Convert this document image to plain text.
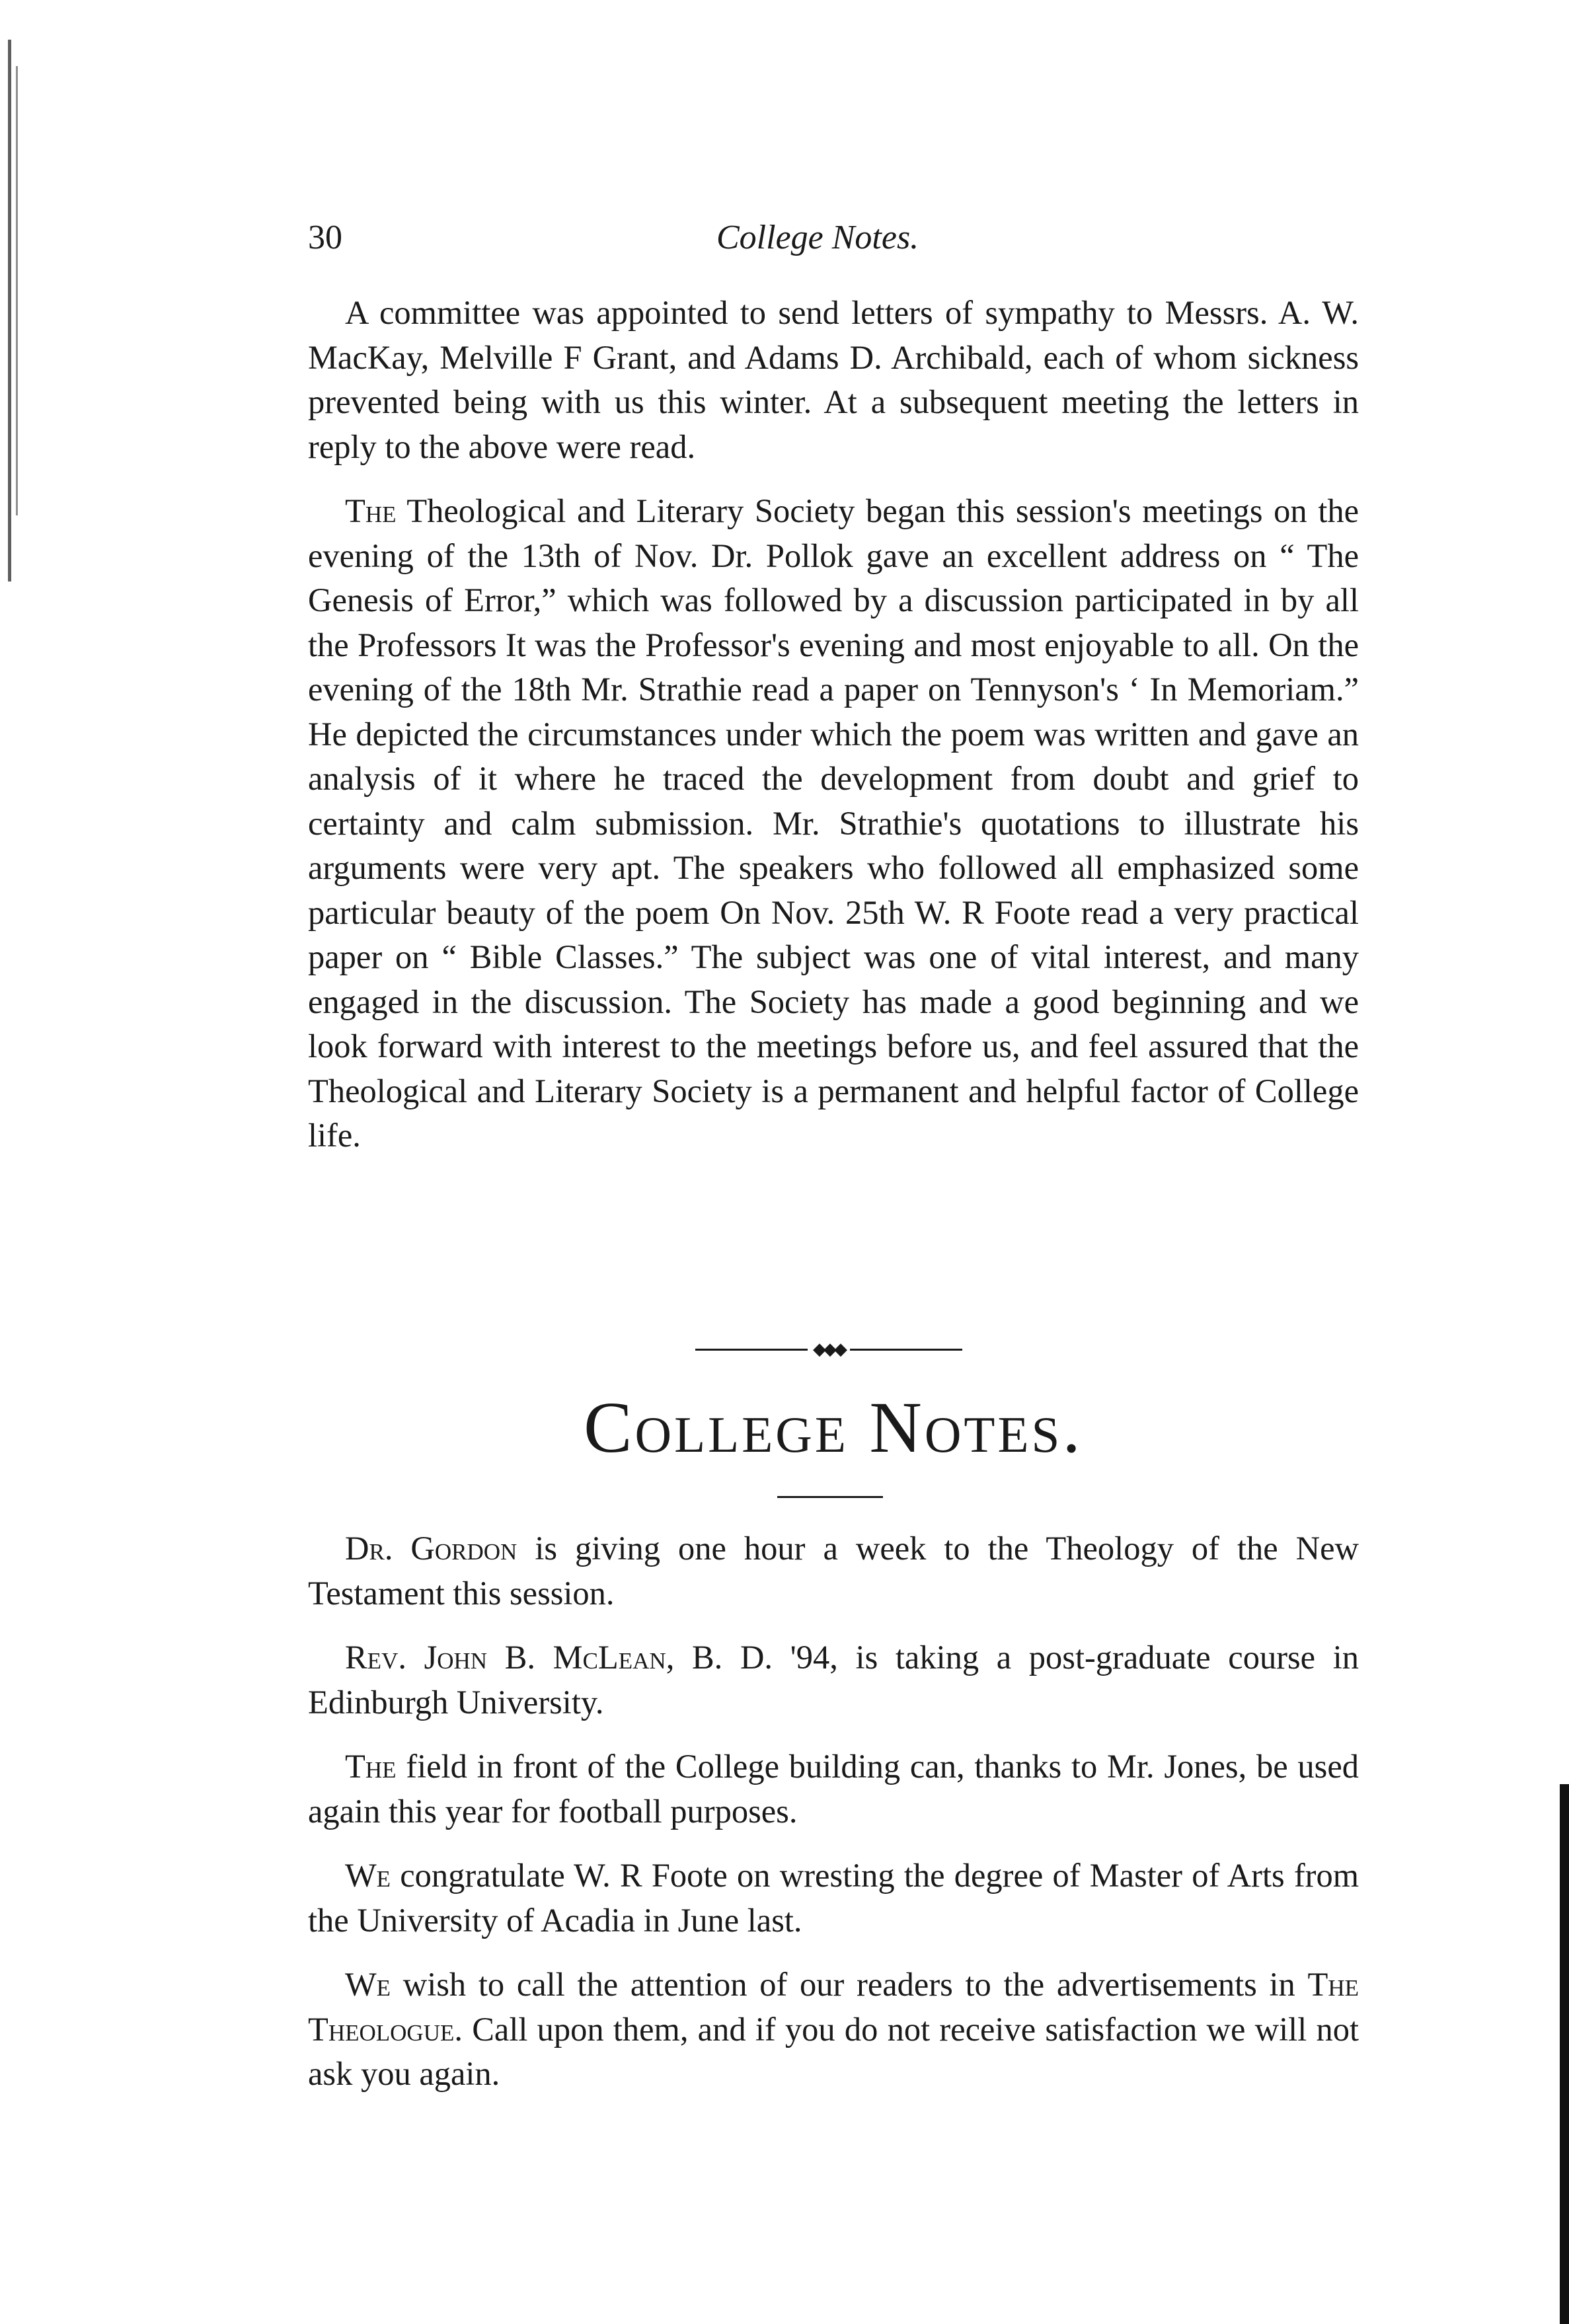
30	College Notes.

A committee was appointed to send letters of sympathy to Messrs. A. W. MacKay, Melville F Grant, and Adams D. Archibald, each of whom sickness prevented being with us this winter. At a subsequent meeting the letters in reply to the above were read.

The Theological and Literary Society began this session's meetings on the evening of the 13th of Nov. Dr. Pollok gave an excellent address on “ The Genesis of Error,” which was followed by a discussion participated in by all the Professors It was the Professor's evening and most enjoyable to all. On the evening of the 18th Mr. Strathie read a paper on Tennyson's ‘ In Memoriam.” He depicted the circumstances under which the poem was written and gave an analysis of it where he traced the development from doubt and grief to certainty and calm submission. Mr. Strathie's quotations to illustrate his arguments were very apt. The speakers who followed all emphasized some particular beauty of the poem On Nov. 25th W. R Foote read a very practical paper on “ Bible Classes.” The subject was one of vital interest, and many engaged in the discussion. The Society has made a good beginning and we look forward with interest to the meetings before us, and feel assured that the Theological and Literary Society is a permanent and helpful factor of College life.

◆◆◆
College Notes.

Dr. Gordon is giving one hour a week to the Theology of the New Testament this session.

Rev. John B. McLean, B. D. '94, is taking a post-graduate course in Edinburgh University.

The field in front of the College building can, thanks to Mr. Jones, be used again this year for football purposes.

We congratulate W. R Foote on wresting the degree of Master of Arts from the University of Acadia in June last.

We wish to call the attention of our readers to the advertisements in The Theologue. Call upon them, and if you do not receive satisfaction we will not ask you again.
